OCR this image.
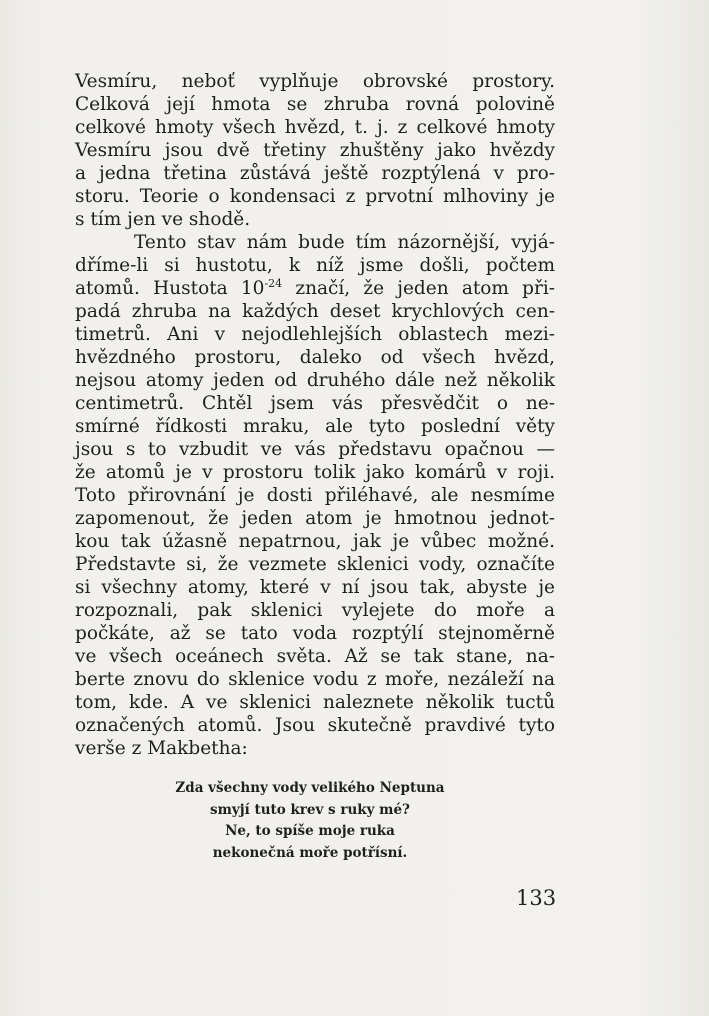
Vesmíru, neboť vyplňuje obrovské prostory.
Celková její hmota se zhruba rovná polovině
celkové hmoty všech hvězd, t. j. z celkové hmoty
Vesmíru jsou dvě třetiny zhuštěny jako hvězdy
a jedna třetina zůstává ještě rozptýlená v pro-
storu. Teorie o kondensaci z prvotní mlhoviny je
s tím jen ve shodě.
Tento stav nám bude tím názornější, vyjá-
dříme-li si hustotu, k níž jsme došli, počtem
atomů. Hustota $10^{-24}$ značí, že jeden atom při-
padá zhruba na každých deset krychlových cen-
timetrů. Ani v nejodlehlejších oblastech mezi-
hvězdného prostoru, daleko od všech hvězd,
nejsou atomy jeden od druhého dále než několik
centimetrů. Chtěl jsem vás přesvědčit o ne-
smírné řídkosti mraku, ale tyto poslední věty
jsou s to vzbudit ve vás představu opačnou —
že atomů je v prostoru tolik jako komárů v roji.
Toto přirovnání je dosti přiléhavé, ale nesmíme
zapomenout, že jeden atom je hmotnou jednot-
kou tak úžasně nepatrnou, jak je vůbec možné.
Představte si, že vezmete sklenici vody, označíte
si všechny atomy, které v ní jsou tak, abyste je
rozpoznali, pak sklenici vylejete do moře a
počkáte, až se tato voda rozptýlí stejnoměrně
ve všech oceánech světa. Až se tak stane, na-
berte znovu do sklenice vodu z moře, nezáleží na
tom, kde. A ve sklenici naleznete několik tuctů
označených atomů. Jsou skutečně pravdivé tyto
verše z Makbetha:
Zda všechny vody velikého Neptuna
smyjí tuto krev s ruky mé?
Ne, to spíše moje ruka
nekonečná moře potřísní.
133
